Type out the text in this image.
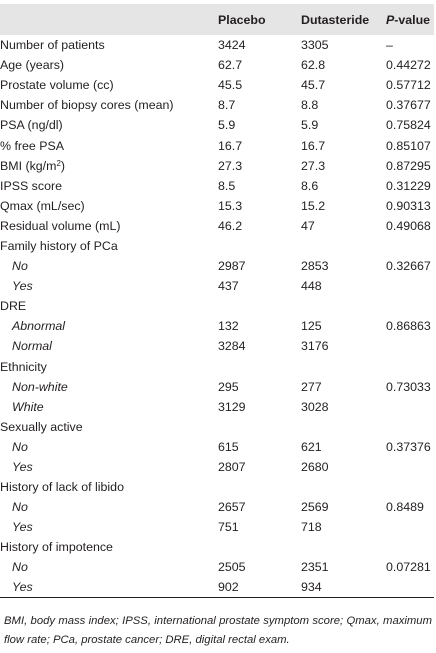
	Placebo	Dutasteride	P-value
Number of patients	3424	3305	–
Age (years)	62.7	62.8	0.44272
Prostate volume (cc)	45.5	45.7	0.57712
Number of biopsy cores (mean)	8.7	8.8	0.37677
PSA (ng/dl)	5.9	5.9	0.75824
% free PSA	16.7	16.7	0.85107
BMI $(kg/m^2)$	27.3	27.3	0.87295
IPSS score	8.5	8.6	0.31229
Qmax (mL/sec)	15.3	15.2	0.90313
Residual volume (mL)	46.2	47	0.49068
Family history of PCa			
No	2987	2853	0.32667
Yes	437	448	
DRE			
Abnormal	132	125	0.86863
Normal	3284	3176	
Ethnicity			
Non-white	295	277	0.73033
White	3129	3028	
Sexually active			
No	615	621	0.37376
Yes	2807	2680	
History of lack of libido			
No	2657	2569	0.8489
Yes	751	718	
History of impotence			
No	2505	2351	0.07281
Yes	902	934	
BMI, body mass index; IPSS, international prostate symptom score; Qmax, maximum flow rate; PCa, prostate cancer; DRE, digital rectal exam.
